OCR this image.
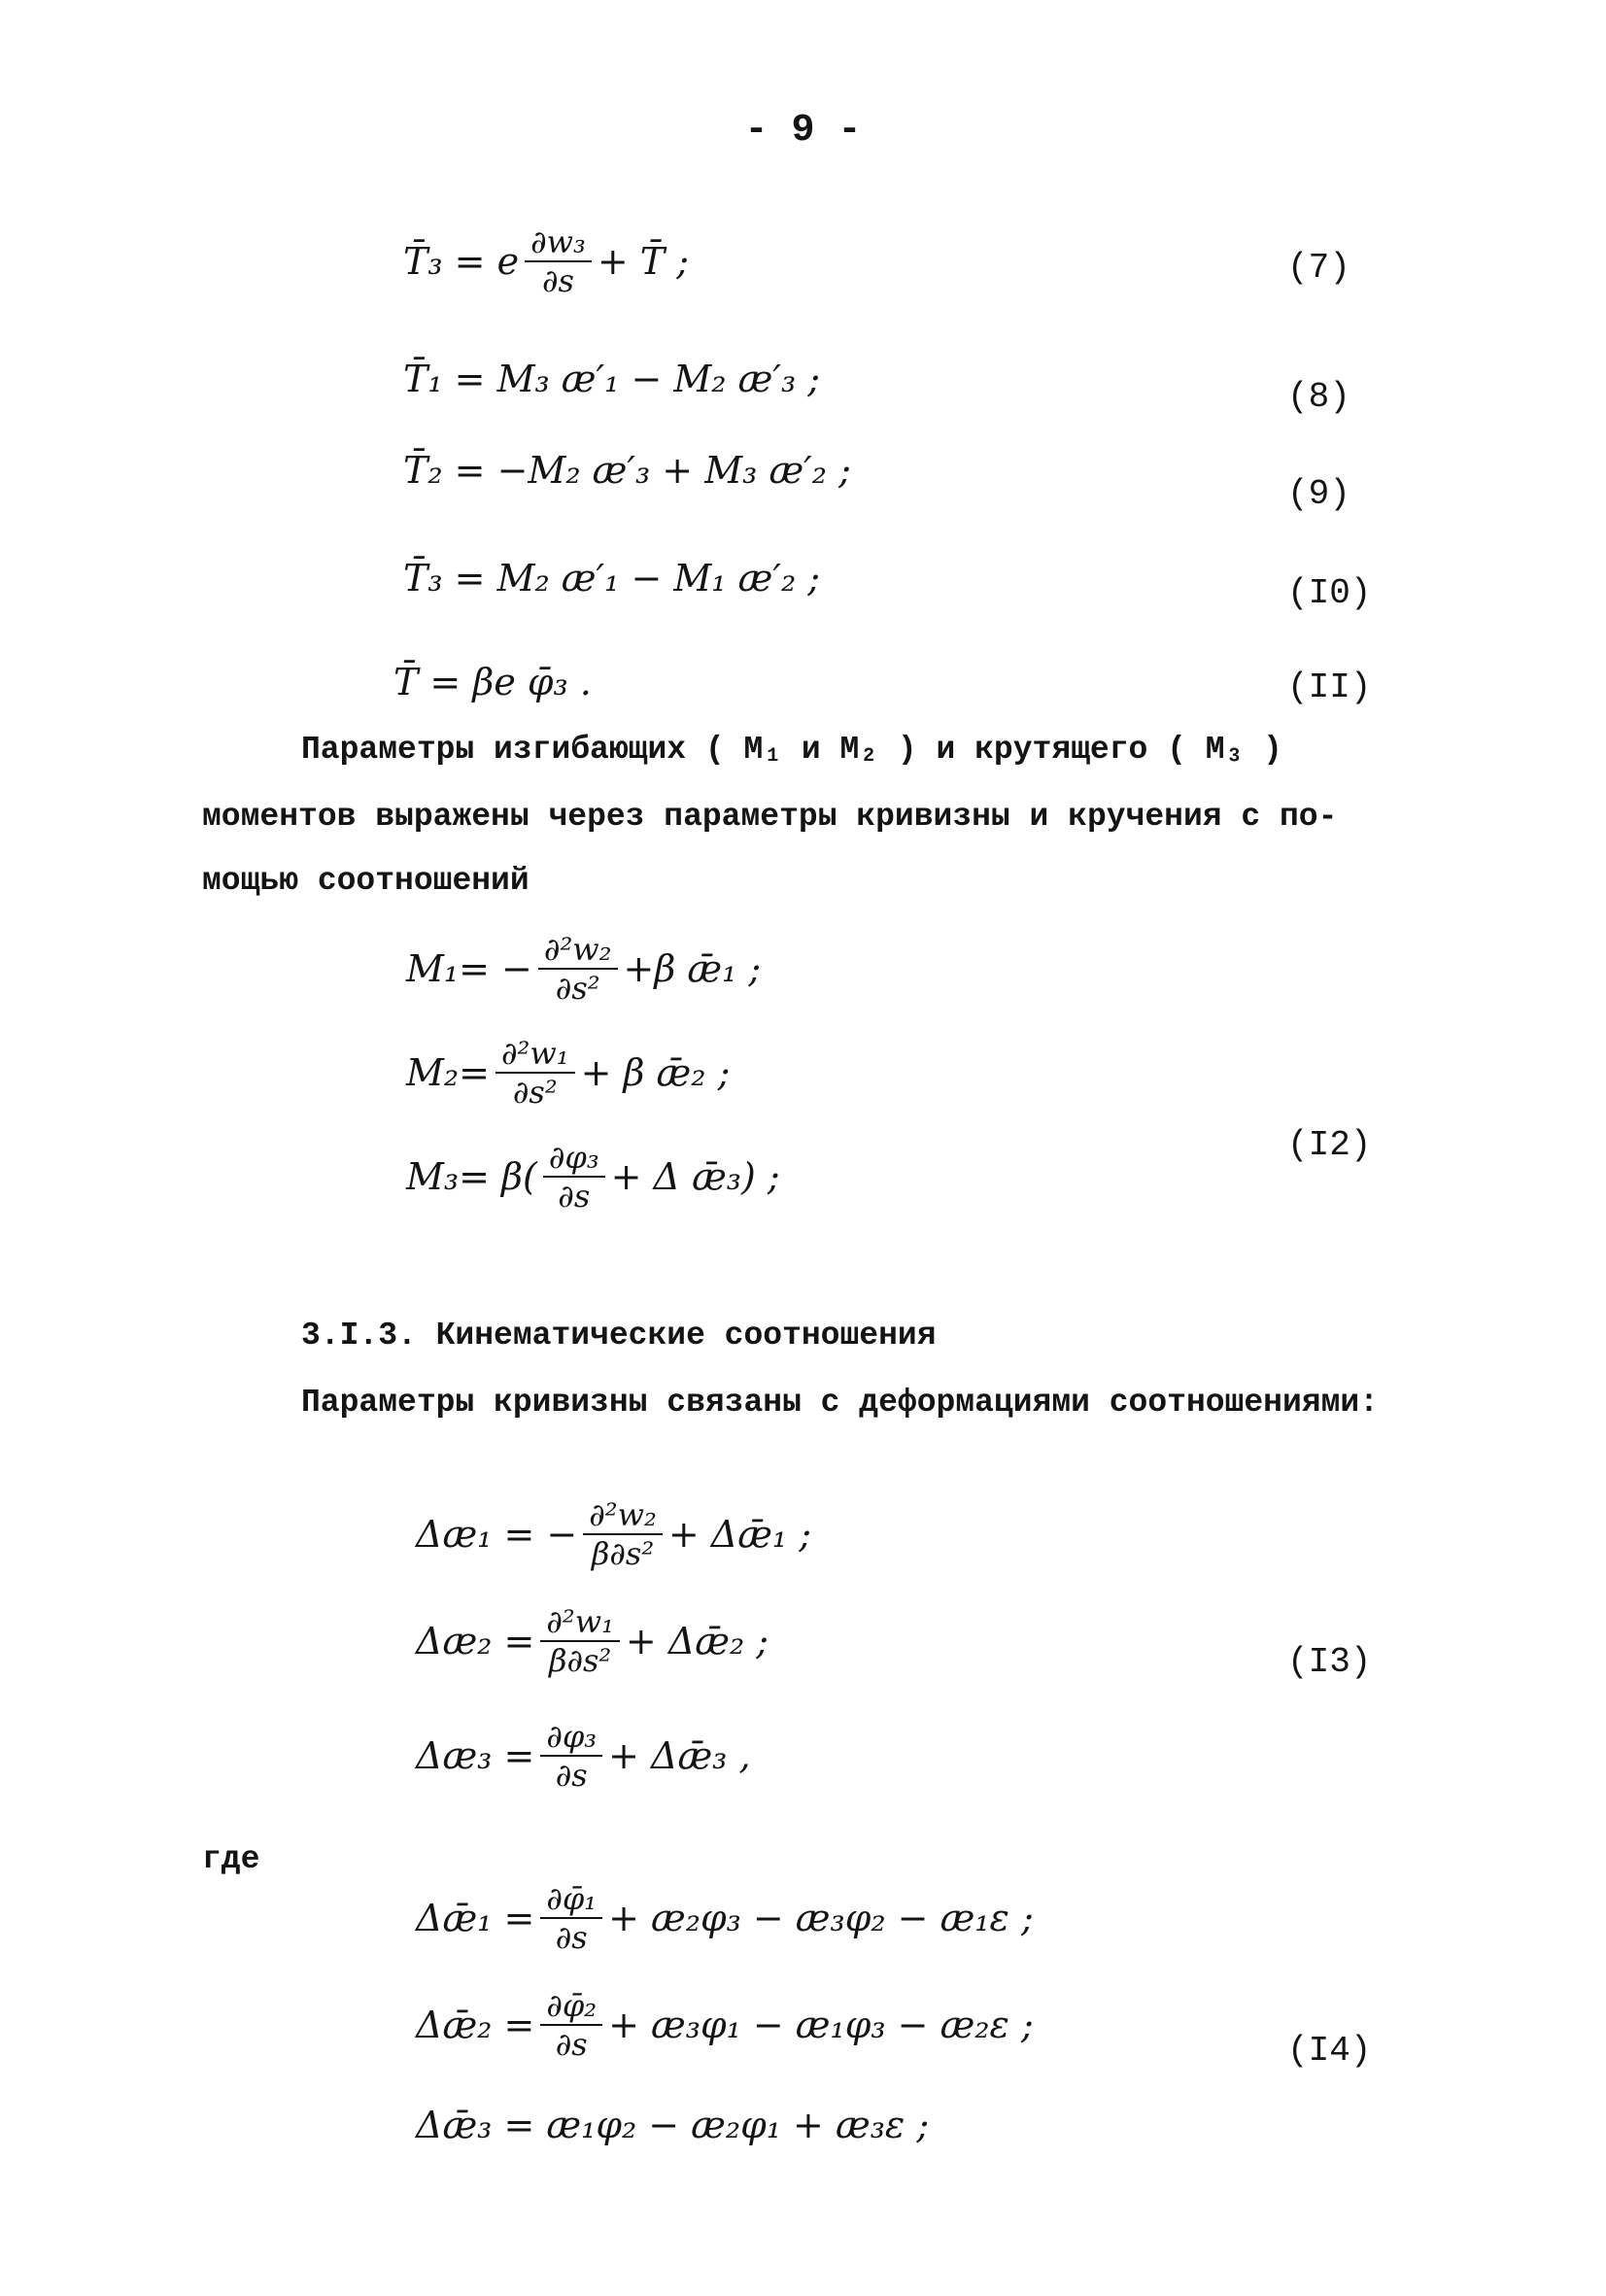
- 9 -
T̄₃ = e $\frac{\text{∂w₃}}{\partial s}$ + T̄ ;	(7)
T̄₁ = M₃ æ′₁ − M₂ æ′₃ ;	(8)
T̄₂ = −M₂ æ′₃ + M₃ æ′₂ ;
(9)
T̄₃ = M₂ æ′₁ − M₁ æ′₂ ;	(I0)
T̄ = βe φ̄₃ .	(II)
Параметры изгибающих ( M₁ и M₂ ) и крутящего ( M₃ )
моментов выражены через параметры кривизны и кручения с по-
мощью соотношений
$M_1= - \frac{\text{∂²w₂}}{\text{∂s²}} +\beta$ ǣ₁ ;
$M_2= \frac{\text{∂²w₁}}{\text{∂s²}} + \beta$ ǣ₂ ;
$M_3= \beta( \frac{\text{∂φ₃}}{\partial s} + \Delta$ ǣ₃) ;
(I2)
3.I.3. Кинематические соотношения
Параметры кривизны связаны с деформациями соотношениями:
Δæ₁ = − $\frac{\text{∂²w₂}}{\text{β∂s²}}$ + Δǣ₁ ;
Δæ₂ = $\frac{\text{∂²w₁}}{\text{β∂s²}}$ + Δǣ₂ ;
Δæ₃ = $\frac{\text{∂φ₃}}{\partial s}$ + Δǣ₃ ,
(I3)
где
Δǣ₁ = $\frac{\text{∂φ̄₁}}{\partial s}$ + æ₂φ₃ − æ₃φ₂ − æ₁ε ;
Δǣ₂ = $\frac{\text{∂φ̄₂}}{\partial s}$ + æ₃φ₁ − æ₁φ₃ − æ₂ε ;
Δǣ₃ = æ₁φ₂ − æ₂φ₁ + æ₃ε ;
(I4)
